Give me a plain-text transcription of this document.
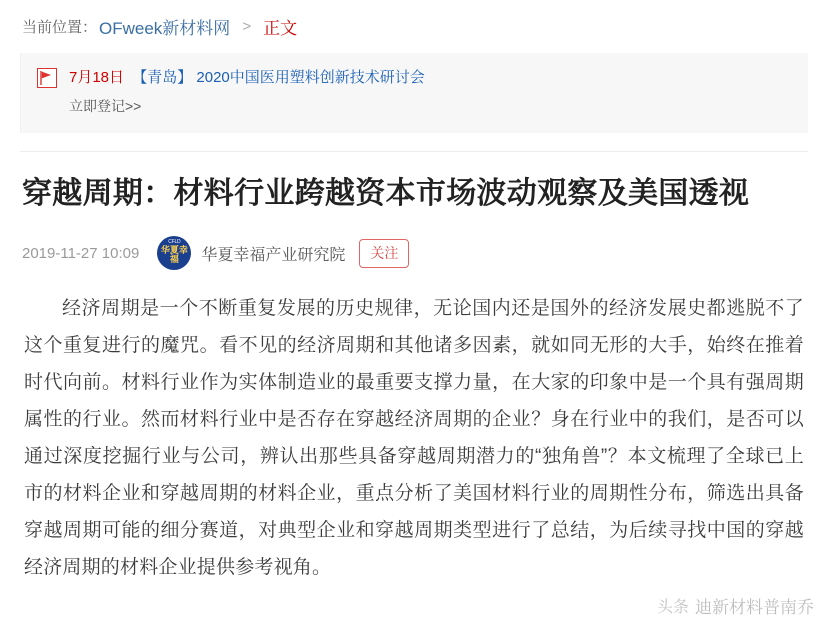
当前位置： OFweek新材料网 > 正文
7月18日 【青岛】 2020中国医用塑料创新技术研讨会
立即登记>>
穿越周期：材料行业跨越资本市场波动观察及美国透视
2019-11-27 10:09
CFLD
华夏幸福	华夏幸福产业研究院	关注

经济周期是一个不断重复发展的历史规律，无论国内还是国外的经济发展史都逃脱不了这个重复进行的魔咒。看不见的经济周期和其他诸多因素，就如同无形的大手，始终在推着时代向前。材料行业作为实体制造业的最重要支撑力量，在大家的印象中是一个具有强周期属性的行业。然而材料行业中是否存在穿越经济周期的企业？身在行业中的我们，是否可以通过深度挖掘行业与公司，辨认出那些具备穿越周期潜力的“独角兽”？本文梳理了全球已上市的材料企业和穿越周期的材料企业，重点分析了美国材料行业的周期性分布，筛选出具备穿越周期可能的细分赛道，对典型企业和穿越周期类型进行了总结，为后续寻找中国的穿越经济周期的材料企业提供参考视角。

头条 迪新材料普南乔
